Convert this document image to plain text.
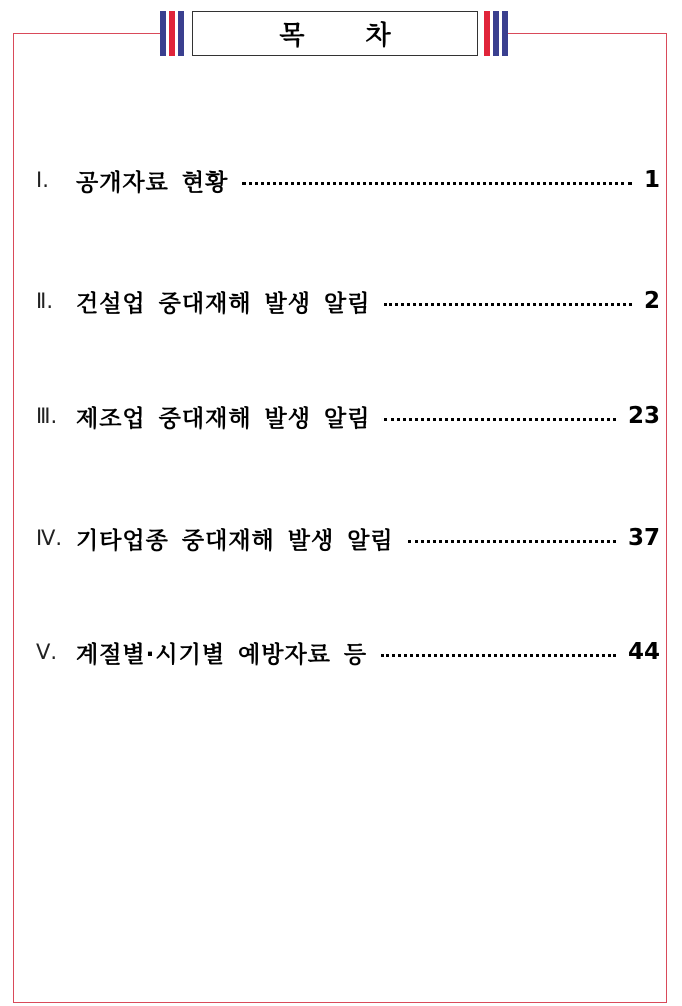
목 차
Ⅰ.	공개자료 현황	1
Ⅱ. 건설업 중대재해 발생 알림	2
Ⅲ. 제조업 중대재해 발생 알림	23
Ⅳ. 기타업종 중대재해 발생 알림	37
Ⅴ. 계절별·시기별 예방자료 등	44
